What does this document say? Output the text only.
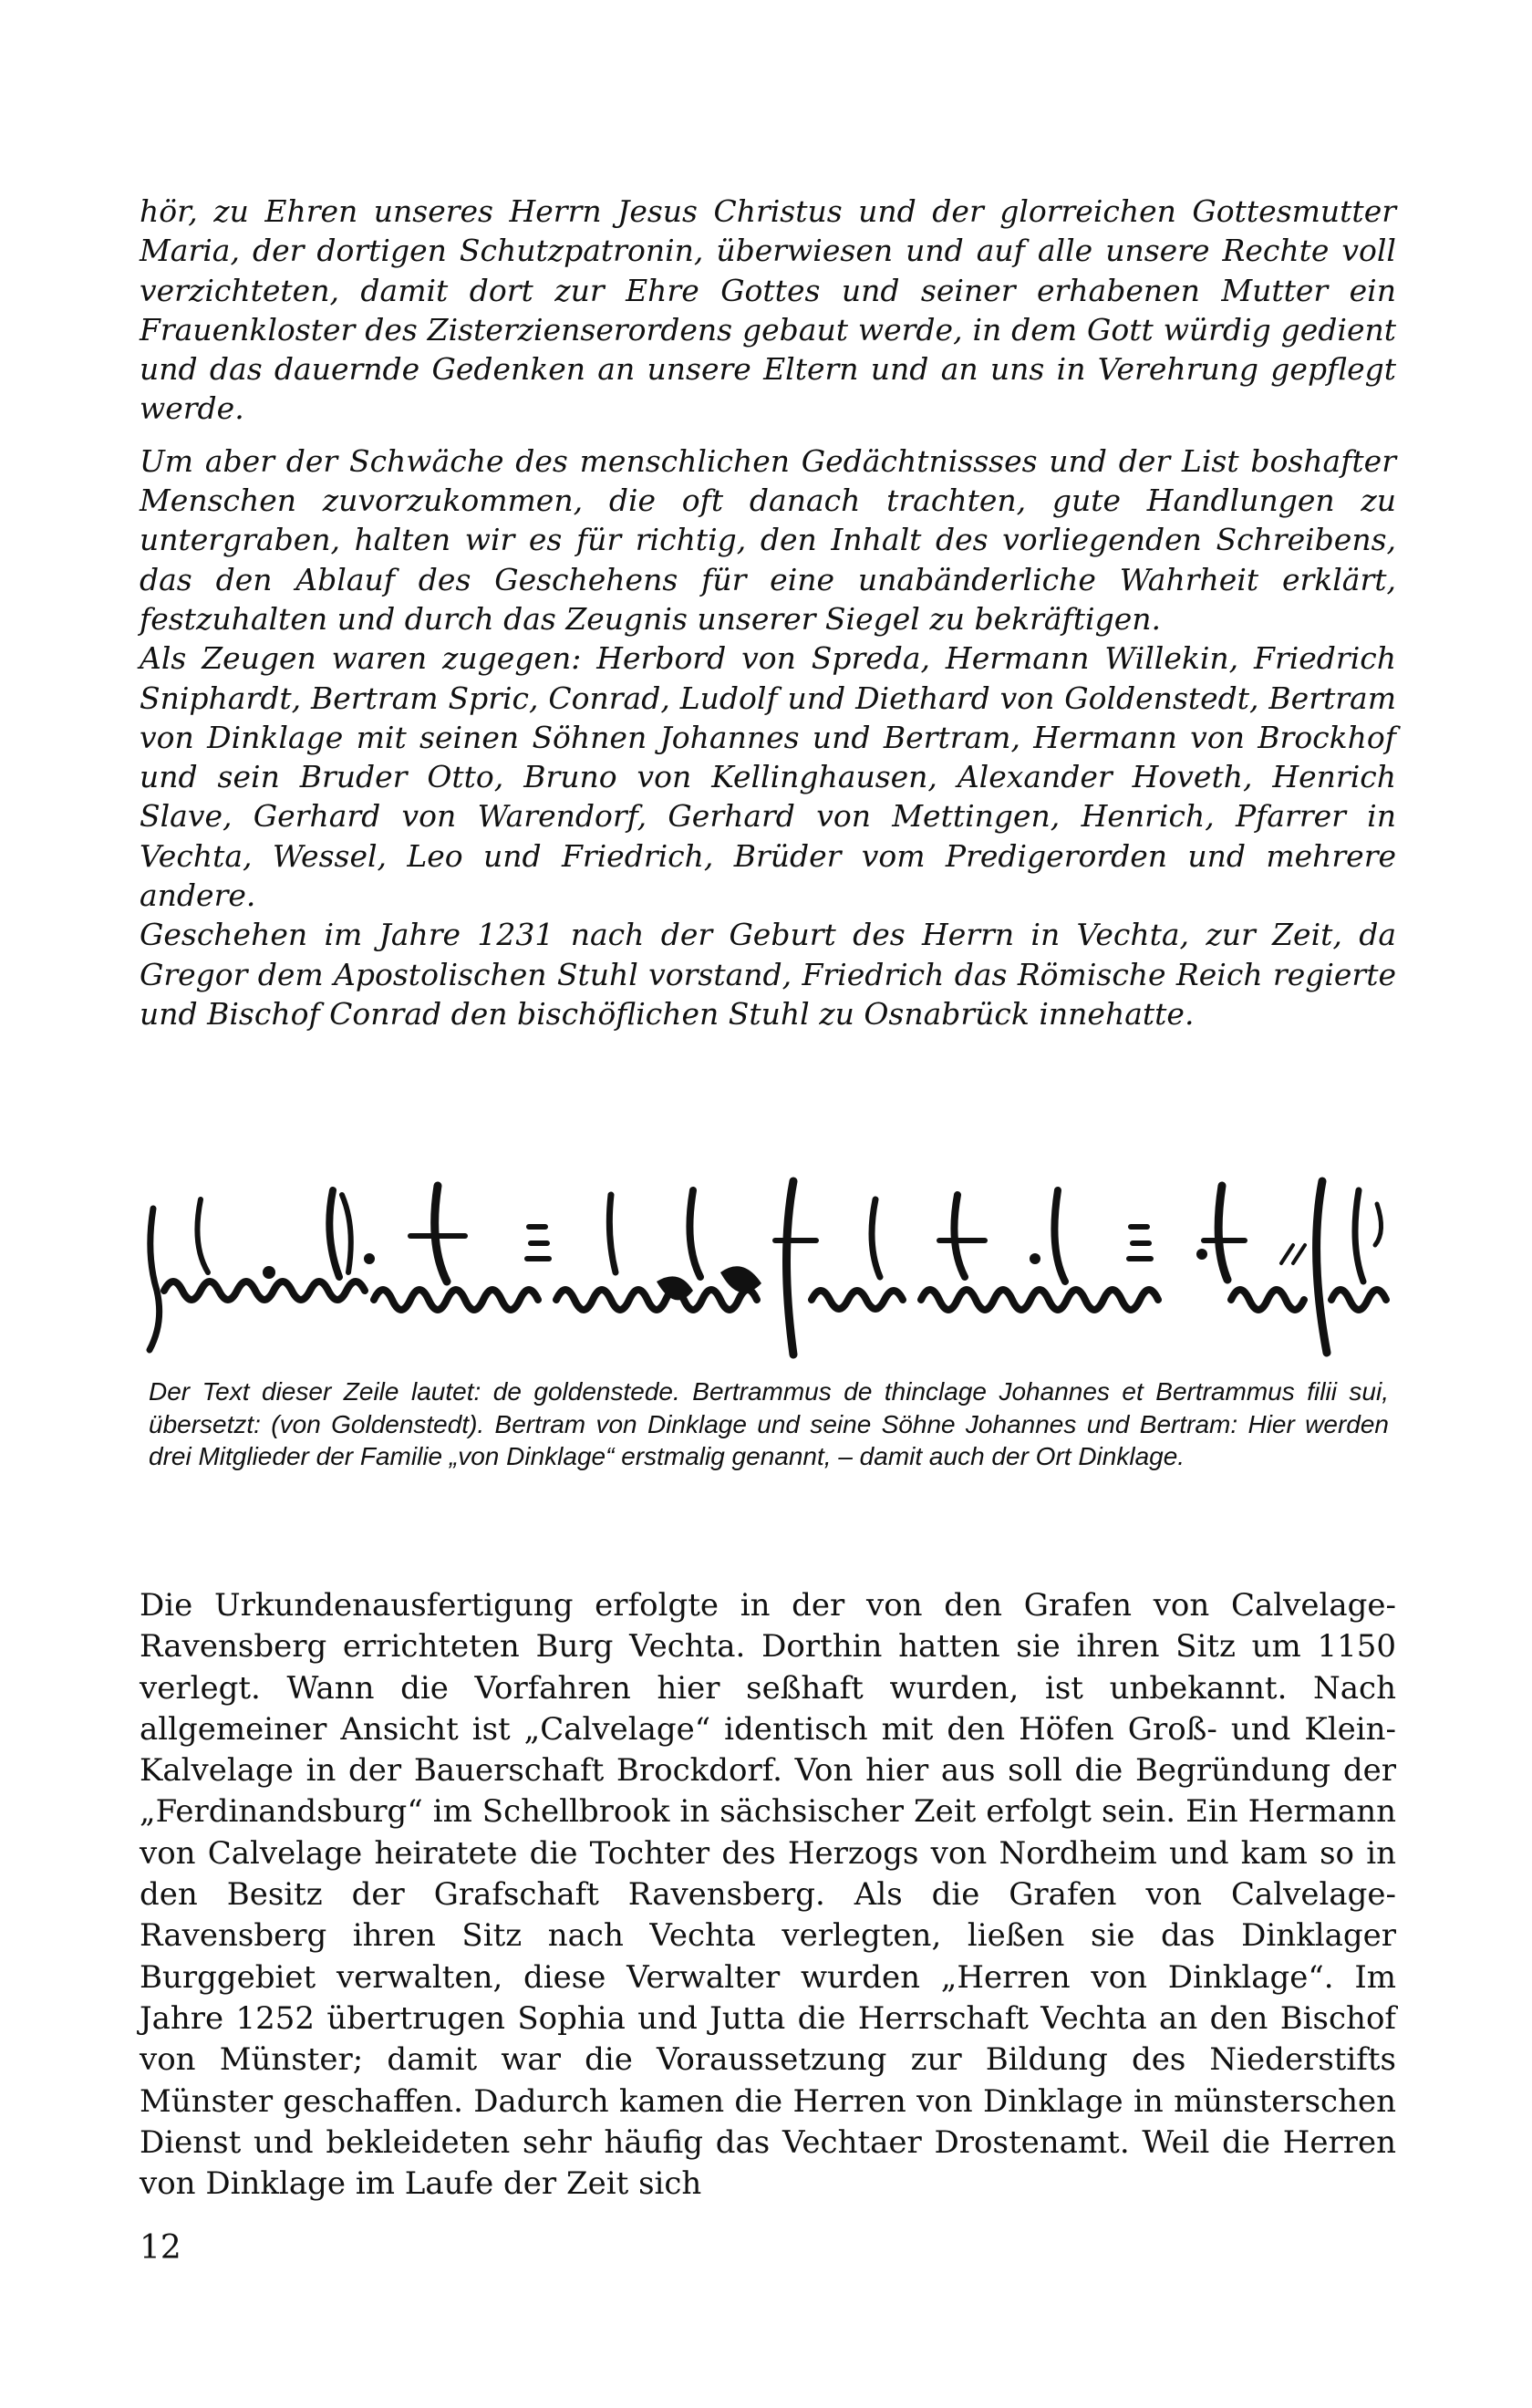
hör, zu Ehren unseres Herrn Jesus Christus und der glorreichen Gottesmutter Maria, der dortigen Schutzpatronin, überwiesen und auf alle unsere Rechte voll verzichteten, damit dort zur Ehre Gottes und seiner erhabenen Mutter ein Frauenkloster des Zisterzienserordens gebaut werde, in dem Gott würdig gedient und das dauernde Gedenken an unsere Eltern und an uns in Verehrung gepflegt werde.

Um aber der Schwäche des menschlichen Gedächtnissses und der List boshafter Menschen zuvorzukommen, die oft danach trachten, gute Handlungen zu untergraben, halten wir es für richtig, den Inhalt des vorliegenden Schreibens, das den Ablauf des Geschehens für eine unabänderliche Wahrheit erklärt, festzuhalten und durch das Zeugnis unserer Siegel zu bekräftigen.

Als Zeugen waren zugegen: Herbord von Spreda, Hermann Willekin, Friedrich Sniphardt, Bertram Spric, Conrad, Ludolf und Diethard von Goldenstedt, Bertram von Dinklage mit seinen Söhnen Johannes und Bertram, Hermann von Brockhof und sein Bruder Otto, Bruno von Kellinghausen, Alexander Hoveth, Henrich Slave, Gerhard von Warendorf, Gerhard von Mettingen, Henrich, Pfarrer in Vechta, Wessel, Leo und Friedrich, Brüder vom Predigerorden und mehrere andere.

Geschehen im Jahre 1231 nach der Geburt des Herrn in Vechta, zur Zeit, da Gregor dem Apostolischen Stuhl vorstand, Friedrich das Römische Reich regierte und Bischof Conrad den bischöflichen Stuhl zu Osnabrück innehatte.

Der Text dieser Zeile lautet: de goldenstede. Bertrammus de thinclage Johannes et Bertrammus filii sui, übersetzt: (von Goldenstedt). Bertram von Dinklage und seine Söhne Johannes und Bertram: Hier werden drei Mitglieder der Familie „von Dinklage“ erstmalig genannt, – damit auch der Ort Dinklage.

Die Urkundenausfertigung erfolgte in der von den Grafen von Calvelage-Ravensberg errichteten Burg Vechta. Dorthin hatten sie ihren Sitz um 1150 verlegt. Wann die Vorfahren hier seßhaft wurden, ist unbekannt. Nach allgemeiner Ansicht ist „Calvelage“ identisch mit den Höfen Groß- und Klein-Kalvelage in der Bauerschaft Brockdorf. Von hier aus soll die Begründung der „Ferdinandsburg“ im Schellbrook in sächsischer Zeit erfolgt sein. Ein Hermann von Calvelage heiratete die Tochter des Herzogs von Nordheim und kam so in den Besitz der Grafschaft Ravensberg. Als die Grafen von Calvelage-Ravensberg ihren Sitz nach Vechta verlegten, ließen sie das Dinklager Burggebiet verwalten, diese Verwalter wurden „Herren von Dinklage“. Im Jahre 1252 übertrugen Sophia und Jutta die Herrschaft Vechta an den Bischof von Münster; damit war die Voraussetzung zur Bildung des Niederstifts Münster geschaffen. Dadurch kamen die Herren von Dinklage in münsterschen Dienst und bekleideten sehr häufig das Vechtaer Drostenamt. Weil die Herren von Dinklage im Laufe der Zeit sich

12
